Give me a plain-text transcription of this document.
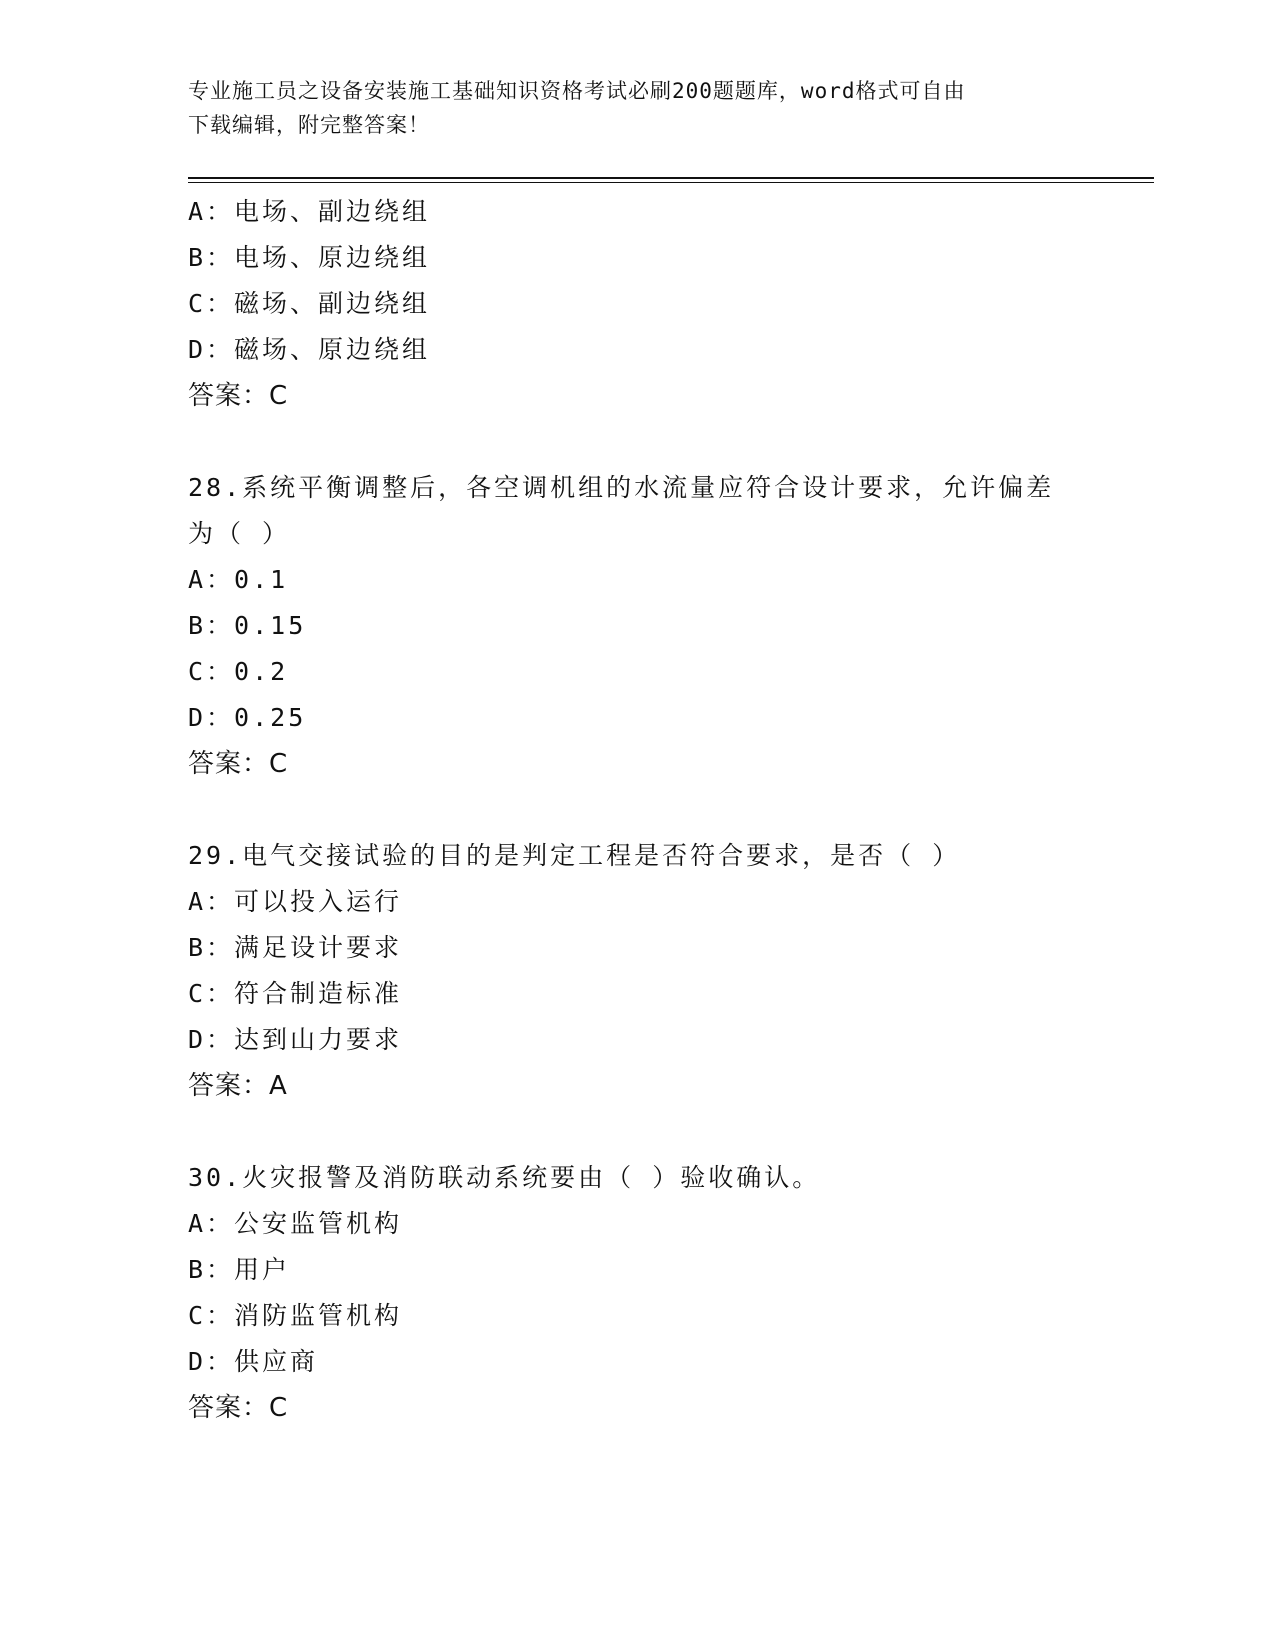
专业施工员之设备安装施工基础知识资格考试必刷200题题库，word格式可自由
下载编辑，附完整答案！
A：电场、副边绕组
B：电场、原边绕组
C：磁场、副边绕组
D：磁场、原边绕组
答案：C
28.系统平衡调整后，各空调机组的水流量应符合设计要求，允许偏差
为（ ）
A：0.1
B：0.15
C：0.2
D：0.25
答案：C
29.电气交接试验的目的是判定工程是否符合要求，是否（ ）
A：可以投入运行
B：满足设计要求
C：符合制造标准
D：达到山力要求
答案：A
30.火灾报警及消防联动系统要由（ ）验收确认。
A：公安监管机构
B：用户
C：消防监管机构
D：供应商
答案：C
